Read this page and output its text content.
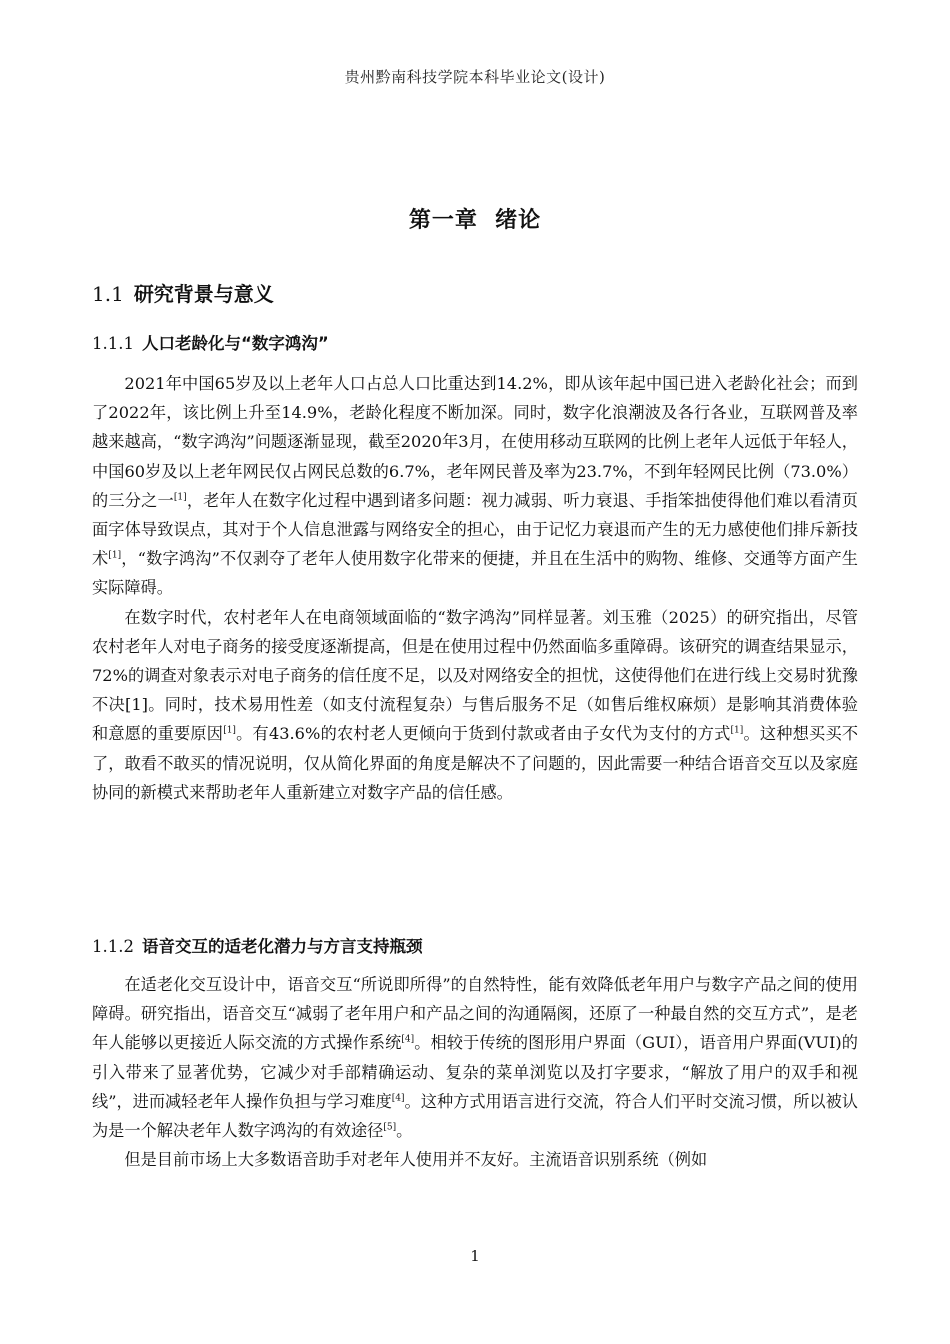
贵州黔南科技学院本科毕业论文(设计)
第一章  绪论
1.1 研究背景与意义
1.1.1 人口老龄化与“数字鸿沟”

2021年中国65岁及以上老年人口占总人口比重达到14.2%，即从该年起中国已进入老龄化社会；而到了2022年，该比例上升至14.9%，老龄化程度不断加深。同时，数字化浪潮波及各行各业，互联网普及率越来越高，“数字鸿沟”问题逐渐显现，截至2020年3月，在使用移动互联网的比例上老年人远低于年轻人，中国60岁及以上老年网民仅占网民总数的6.7%，老年网民普及率为23.7%，不到年轻网民比例（73.0%）的三分之一[1]，老年人在数字化过程中遇到诸多问题：视力减弱、听力衰退、手指笨拙使得他们难以看清页面字体导致误点，其对于个人信息泄露与网络安全的担心，由于记忆力衰退而产生的无力感使他们排斥新技术[1]，“数字鸿沟”不仅剥夺了老年人使用数字化带来的便捷，并且在生活中的购物、维修、交通等方面产生实际障碍。

在数字时代，农村老年人在电商领域面临的“数字鸿沟”同样显著。刘玉雅（2025）的研究指出，尽管农村老年人对电子商务的接受度逐渐提高，但是在使用过程中仍然面临多重障碍。该研究的调查结果显示，72%的调查对象表示对电子商务的信任度不足，以及对网络安全的担忧，这使得他们在进行线上交易时犹豫不决[1]。同时，技术易用性差（如支付流程复杂）与售后服务不足（如售后维权麻烦）是影响其消费体验和意愿的重要原因[1]。有43.6%的农村老人更倾向于货到付款或者由子女代为支付的方式[1]。这种想买买不了，敢看不敢买的情况说明，仅从简化界面的角度是解决不了问题的，因此需要一种结合语音交互以及家庭协同的新模式来帮助老年人重新建立对数字产品的信任感。

1.1.2 语音交互的适老化潜力与方言支持瓶颈

在适老化交互设计中，语音交互“所说即所得”的自然特性，能有效降低老年用户与数字产品之间的使用障碍。研究指出，语音交互“减弱了老年用户和产品之间的沟通隔阂，还原了一种最自然的交互方式”，是老年人能够以更接近人际交流的方式操作系统[4]。相较于传统的图形用户界面（GUI），语音用户界面(VUI)的引入带来了显著优势，它减少对手部精确运动、复杂的菜单浏览以及打字要求，“解放了用户的双手和视线”，进而减轻老年人操作负担与学习难度[4]。这种方式用语言进行交流，符合人们平时交流习惯，所以被认为是一个解决老年人数字鸿沟的有效途径[5]。

但是目前市场上大多数语音助手对老年人使用并不友好。主流语音识别系统（例如

1
